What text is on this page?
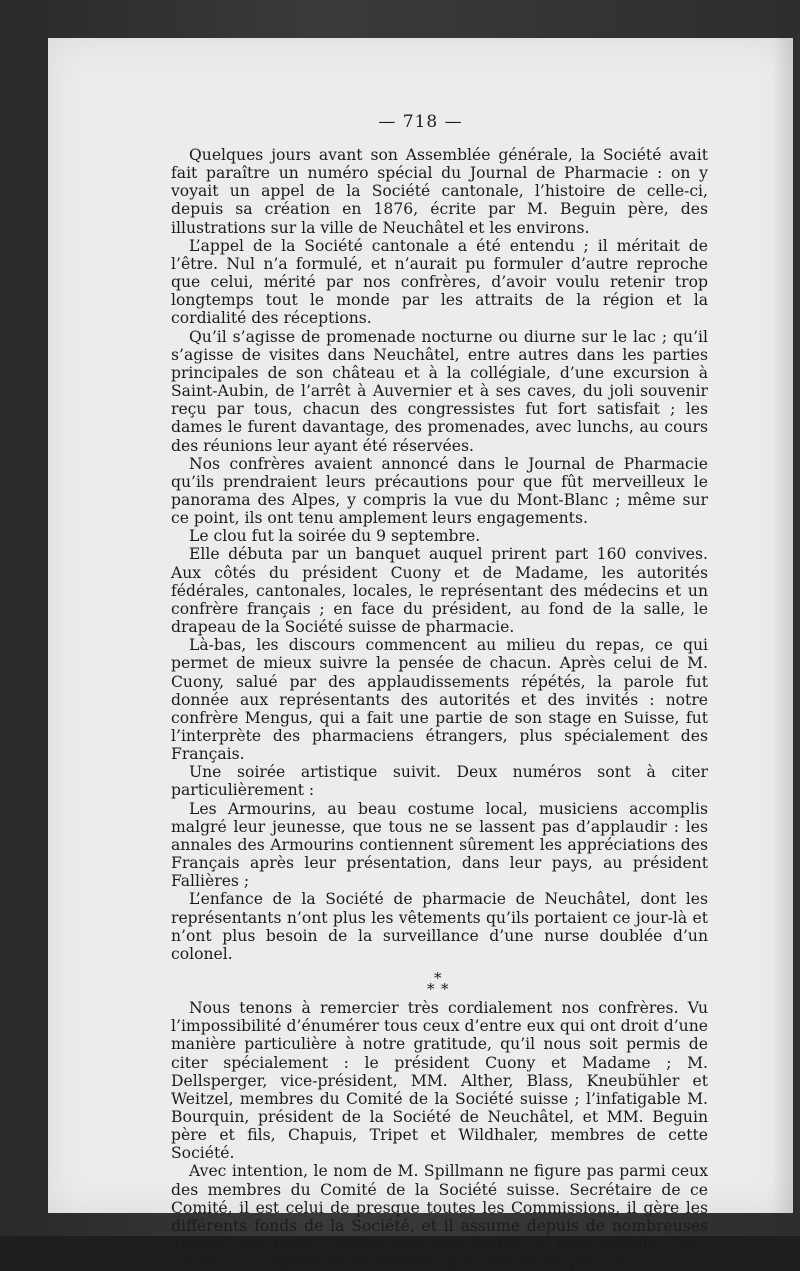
— 718 —

Quelques jours avant son Assemblée générale, la Société avait fait paraître un numéro spécial du Journal de Pharmacie : on y voyait un appel de la Société cantonale, l’histoire de celle-ci, depuis sa création en 1876, écrite par M. Beguin père, des illustrations sur la ville de Neuchâtel et les environs.

L’appel de la Société cantonale a été entendu ; il méritait de l’être. Nul n’a formulé, et n’aurait pu formuler d’autre reproche que celui, mérité par nos confrères, d’avoir voulu retenir trop longtemps tout le monde par les attraits de la région et la cordialité des réceptions.

Qu’il s’agisse de promenade nocturne ou diurne sur le lac ; qu’il s’agisse de visites dans Neuchâtel, entre autres dans les parties principales de son château et à la collégiale, d’une excursion à Saint-Aubin, de l’arrêt à Auvernier et à ses caves, du joli souvenir reçu par tous, chacun des congressistes fut fort satisfait ; les dames le furent davantage, des promenades, avec lunchs, au cours des réunions leur ayant été réservées.

Nos confrères avaient annoncé dans le Journal de Pharmacie qu’ils prendraient leurs précautions pour que fût merveilleux le panorama des Alpes, y compris la vue du Mont-Blanc ; même sur ce point, ils ont tenu amplement leurs engagements.

Le clou fut la soirée du 9 septembre.

Elle débuta par un banquet auquel prirent part 160 convives. Aux côtés du président Cuony et de Madame, les autorités fédérales, cantonales, locales, le représentant des médecins et un confrère français ; en face du président, au fond de la salle, le drapeau de la Société suisse de pharmacie.

Là-bas, les discours commencent au milieu du repas, ce qui permet de mieux suivre la pensée de chacun. Après celui de M. Cuony, salué par des applaudissements répétés, la parole fut donnée aux représentants des autorités et des invités : notre confrère Mengus, qui a fait une partie de son stage en Suisse, fut l’interprète des pharmaciens étrangers, plus spécialement des Français.

Une soirée artistique suivit. Deux numéros sont à citer particulièrement :

Les Armourins, au beau costume local, musiciens accomplis malgré leur jeunesse, que tous ne se lassent pas d’applaudir : les annales des Armourins contiennent sûrement les appréciations des Français après leur présentation, dans leur pays, au président Fallières ;

L’enfance de la Société de pharmacie de Neuchâtel, dont les représentants n’ont plus les vêtements qu’ils portaient ce jour-là et n’ont plus besoin de la surveillance d’une nurse doublée d’un colonel.

*
* *

Nous tenons à remercier très cordialement nos confrères. Vu l’impossibilité d’énumérer tous ceux d’entre eux qui ont droit d’une manière particulière à notre gratitude, qu’il nous soit permis de citer spécialement : le président Cuony et Madame ; M. Dellsperger, vice-président, MM. Alther, Blass, Kneubühler et Weitzel, membres du Comité de la Société suisse ; l’infatigable M. Bourquin, président de la Société de Neuchâtel, et MM. Beguin père et fils, Chapuis, Tripet et Wildhaler, membres de cette Société.

Avec intention, le nom de M. Spillmann ne figure pas parmi ceux des membres du Comité de la Société suisse. Secrétaire de ce Comité, il est celui de presque toutes les Commissions, il gère les différents fonds de la Société, et il assume depuis de nombreuses années une tâche chaque jour plus lourde et plus difficile. Qu’il trouve ici l’expression de l’estime que nous avons pour lui.
